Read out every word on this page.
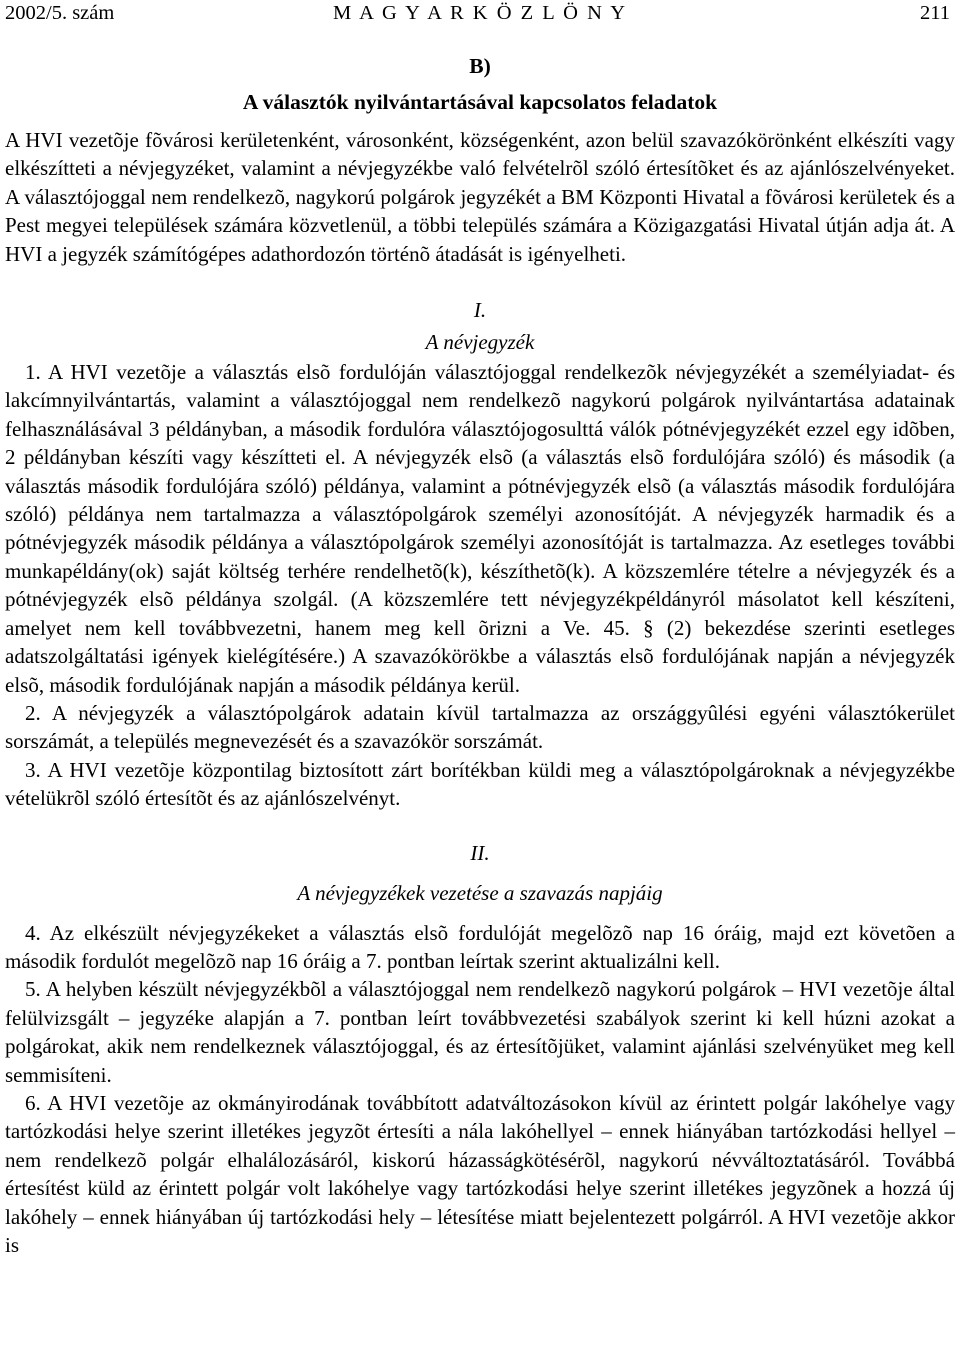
2002/5. szám	M A G Y A R K Ö Z L Ö N Y	211

B)

A választók nyilvántartásával kapcsolatos feladatok

A HVI vezetõje fõvárosi kerületenként, városonként, községenként, azon belül szavazókörönként elkészíti vagy elkészítteti a névjegyzéket, valamint a névjegyzékbe való felvételrõl szóló értesítõket és az ajánlószelvényeket. A választójoggal nem rendelkezõ, nagykorú polgárok jegyzékét a BM Központi Hivatal a fõvárosi kerületek és a Pest megyei települések számára közvetlenül, a többi település számára a Közigazgatási Hivatal útján adja át. A HVI a jegyzék számítógépes adathordozón történõ átadását is igényelheti.

I.

A névjegyzék

1. A HVI vezetõje a választás elsõ fordulóján választójoggal rendelkezõk névjegyzékét a személyiadat- és lakcímnyilvántartás, valamint a választójoggal nem rendelkezõ nagykorú polgárok nyilvántartása adatainak felhasználásával 3 példányban, a második fordulóra választójogosulttá válók pótnévjegyzékét ezzel egy idõben, 2 példányban készíti vagy készítteti el. A névjegyzék elsõ (a választás elsõ fordulójára szóló) és második (a választás második fordulójára szóló) példánya, valamint a pótnévjegyzék elsõ (a választás második fordulójára szóló) példánya nem tartalmazza a választópolgárok személyi azonosítóját. A névjegyzék harmadik és a pótnévjegyzék második példánya a választópolgárok személyi azonosítóját is tartalmazza. Az esetleges további munkapéldány(ok) saját költség terhére rendelhetõ(k), készíthetõ(k). A közszemlére tételre a névjegyzék és a pótnévjegyzék elsõ példánya szolgál. (A közszemlére tett névjegyzékpéldányról másolatot kell készíteni, amelyet nem kell továbbvezetni, hanem meg kell õrizni a Ve. 45. § (2) bekezdése szerinti esetleges adatszolgáltatási igények kielégítésére.) A szavazókörökbe a választás elsõ fordulójának napján a névjegyzék elsõ, második fordulójának napján a második példánya kerül.

2. A névjegyzék a választópolgárok adatain kívül tartalmazza az országgyûlési egyéni választókerület sorszámát, a település megnevezését és a szavazókör sorszámát.

3. A HVI vezetõje központilag biztosított zárt borítékban küldi meg a választópolgároknak a névjegyzékbe vételükrõl szóló értesítõt és az ajánlószelvényt.

II.

A névjegyzékek vezetése a szavazás napjáig

4. Az elkészült névjegyzékeket a választás elsõ fordulóját megelõzõ nap 16 óráig, majd ezt követõen a második fordulót megelõzõ nap 16 óráig a 7. pontban leírtak szerint aktualizálni kell.

5. A helyben készült névjegyzékbõl a választójoggal nem rendelkezõ nagykorú polgárok – HVI vezetõje által felülvizsgált – jegyzéke alapján a 7. pontban leírt továbbvezetési szabályok szerint ki kell húzni azokat a polgárokat, akik nem rendelkeznek választójoggal, és az értesítõjüket, valamint ajánlási szelvényüket meg kell semmisíteni.

6. A HVI vezetõje az okmányirodának továbbított adatváltozásokon kívül az érintett polgár lakóhelye vagy tartózkodási helye szerint illetékes jegyzõt értesíti a nála lakóhellyel – ennek hiányában tartózkodási hellyel – nem rendelkezõ polgár elhalálozásáról, kiskorú házasságkötésérõl, nagykorú névváltoztatásáról. Továbbá értesítést küld az érintett polgár volt lakóhelye vagy tartózkodási helye szerint illetékes jegyzõnek a hozzá új lakóhely – ennek hiányában új tartózkodási hely – létesítése miatt bejelentezett polgárról. A HVI vezetõje akkor is
